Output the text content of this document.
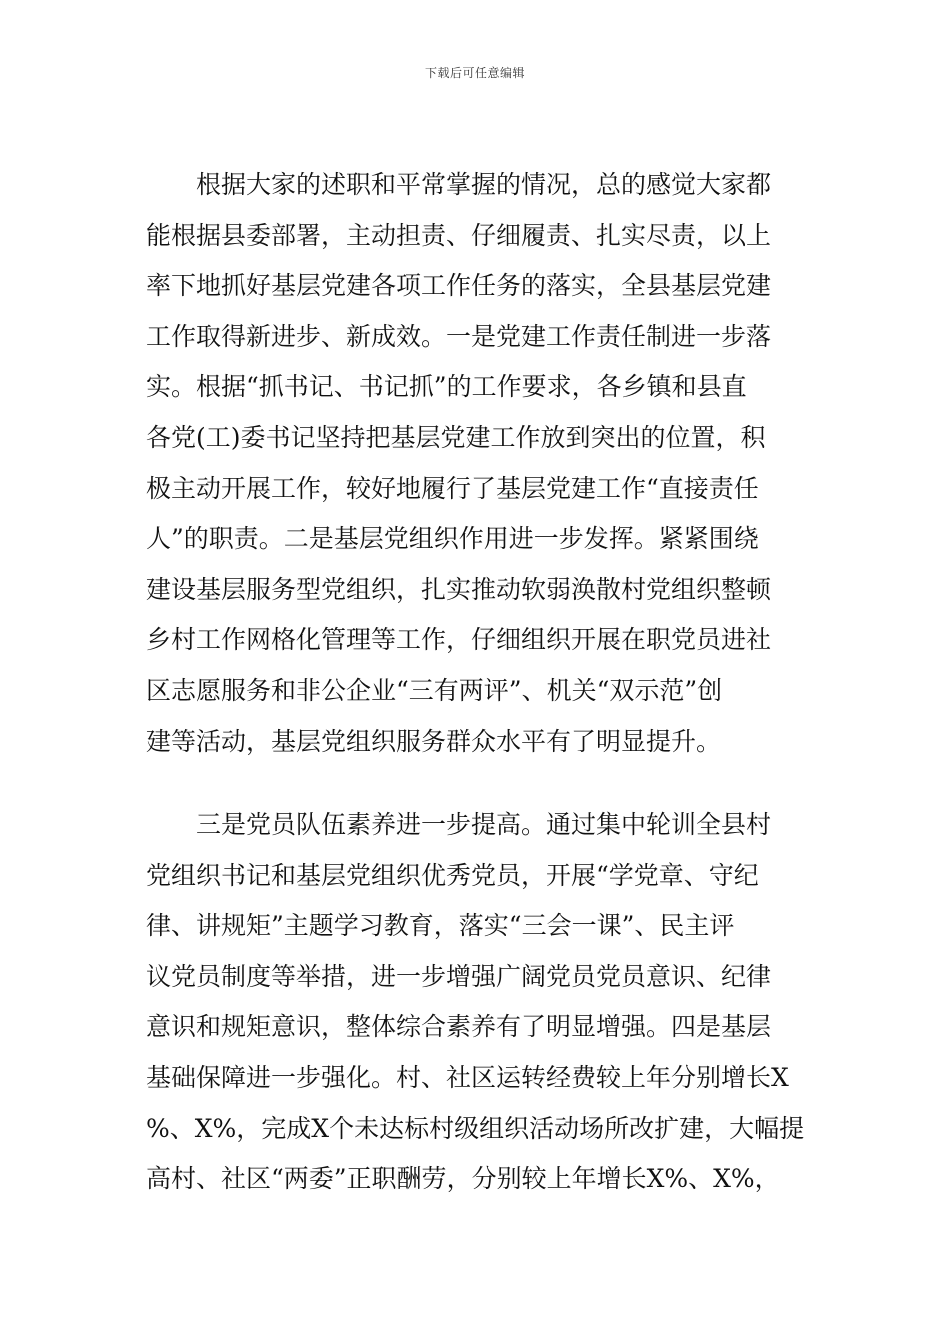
下载后可任意编辑
　　根据大家的述职和平常掌握的情况，总的感觉大家都
能根据县委部署，主动担责、仔细履责、扎实尽责，以上
率下地抓好基层党建各项工作任务的落实，全县基层党建
工作取得新进步、新成效。一是党建工作责任制进一步落
实。根据“抓书记、书记抓”的工作要求，各乡镇和县直
各党(工)委书记坚持把基层党建工作放到突出的位置，积
极主动开展工作，较好地履行了基层党建工作“直接责任
人”的职责。二是基层党组织作用进一步发挥。紧紧围绕
建设基层服务型党组织，扎实推动软弱涣散村党组织整顿
乡村工作网格化管理等工作，仔细组织开展在职党员进社
区志愿服务和非公企业“三有两评”、机关“双示范”创
建等活动，基层党组织服务群众水平有了明显提升。
　　三是党员队伍素养进一步提高。通过集中轮训全县村
党组织书记和基层党组织优秀党员，开展“学党章、守纪
律、讲规矩”主题学习教育，落实“三会一课”、民主评
议党员制度等举措，进一步增强广阔党员党员意识、纪律
意识和规矩意识，整体综合素养有了明显增强。四是基层
基础保障进一步强化。村、社区运转经费较上年分别增长X
%、X%，完成X个未达标村级组织活动场所改扩建，大幅提
高村、社区“两委”正职酬劳，分别较上年增长X%、X%，
